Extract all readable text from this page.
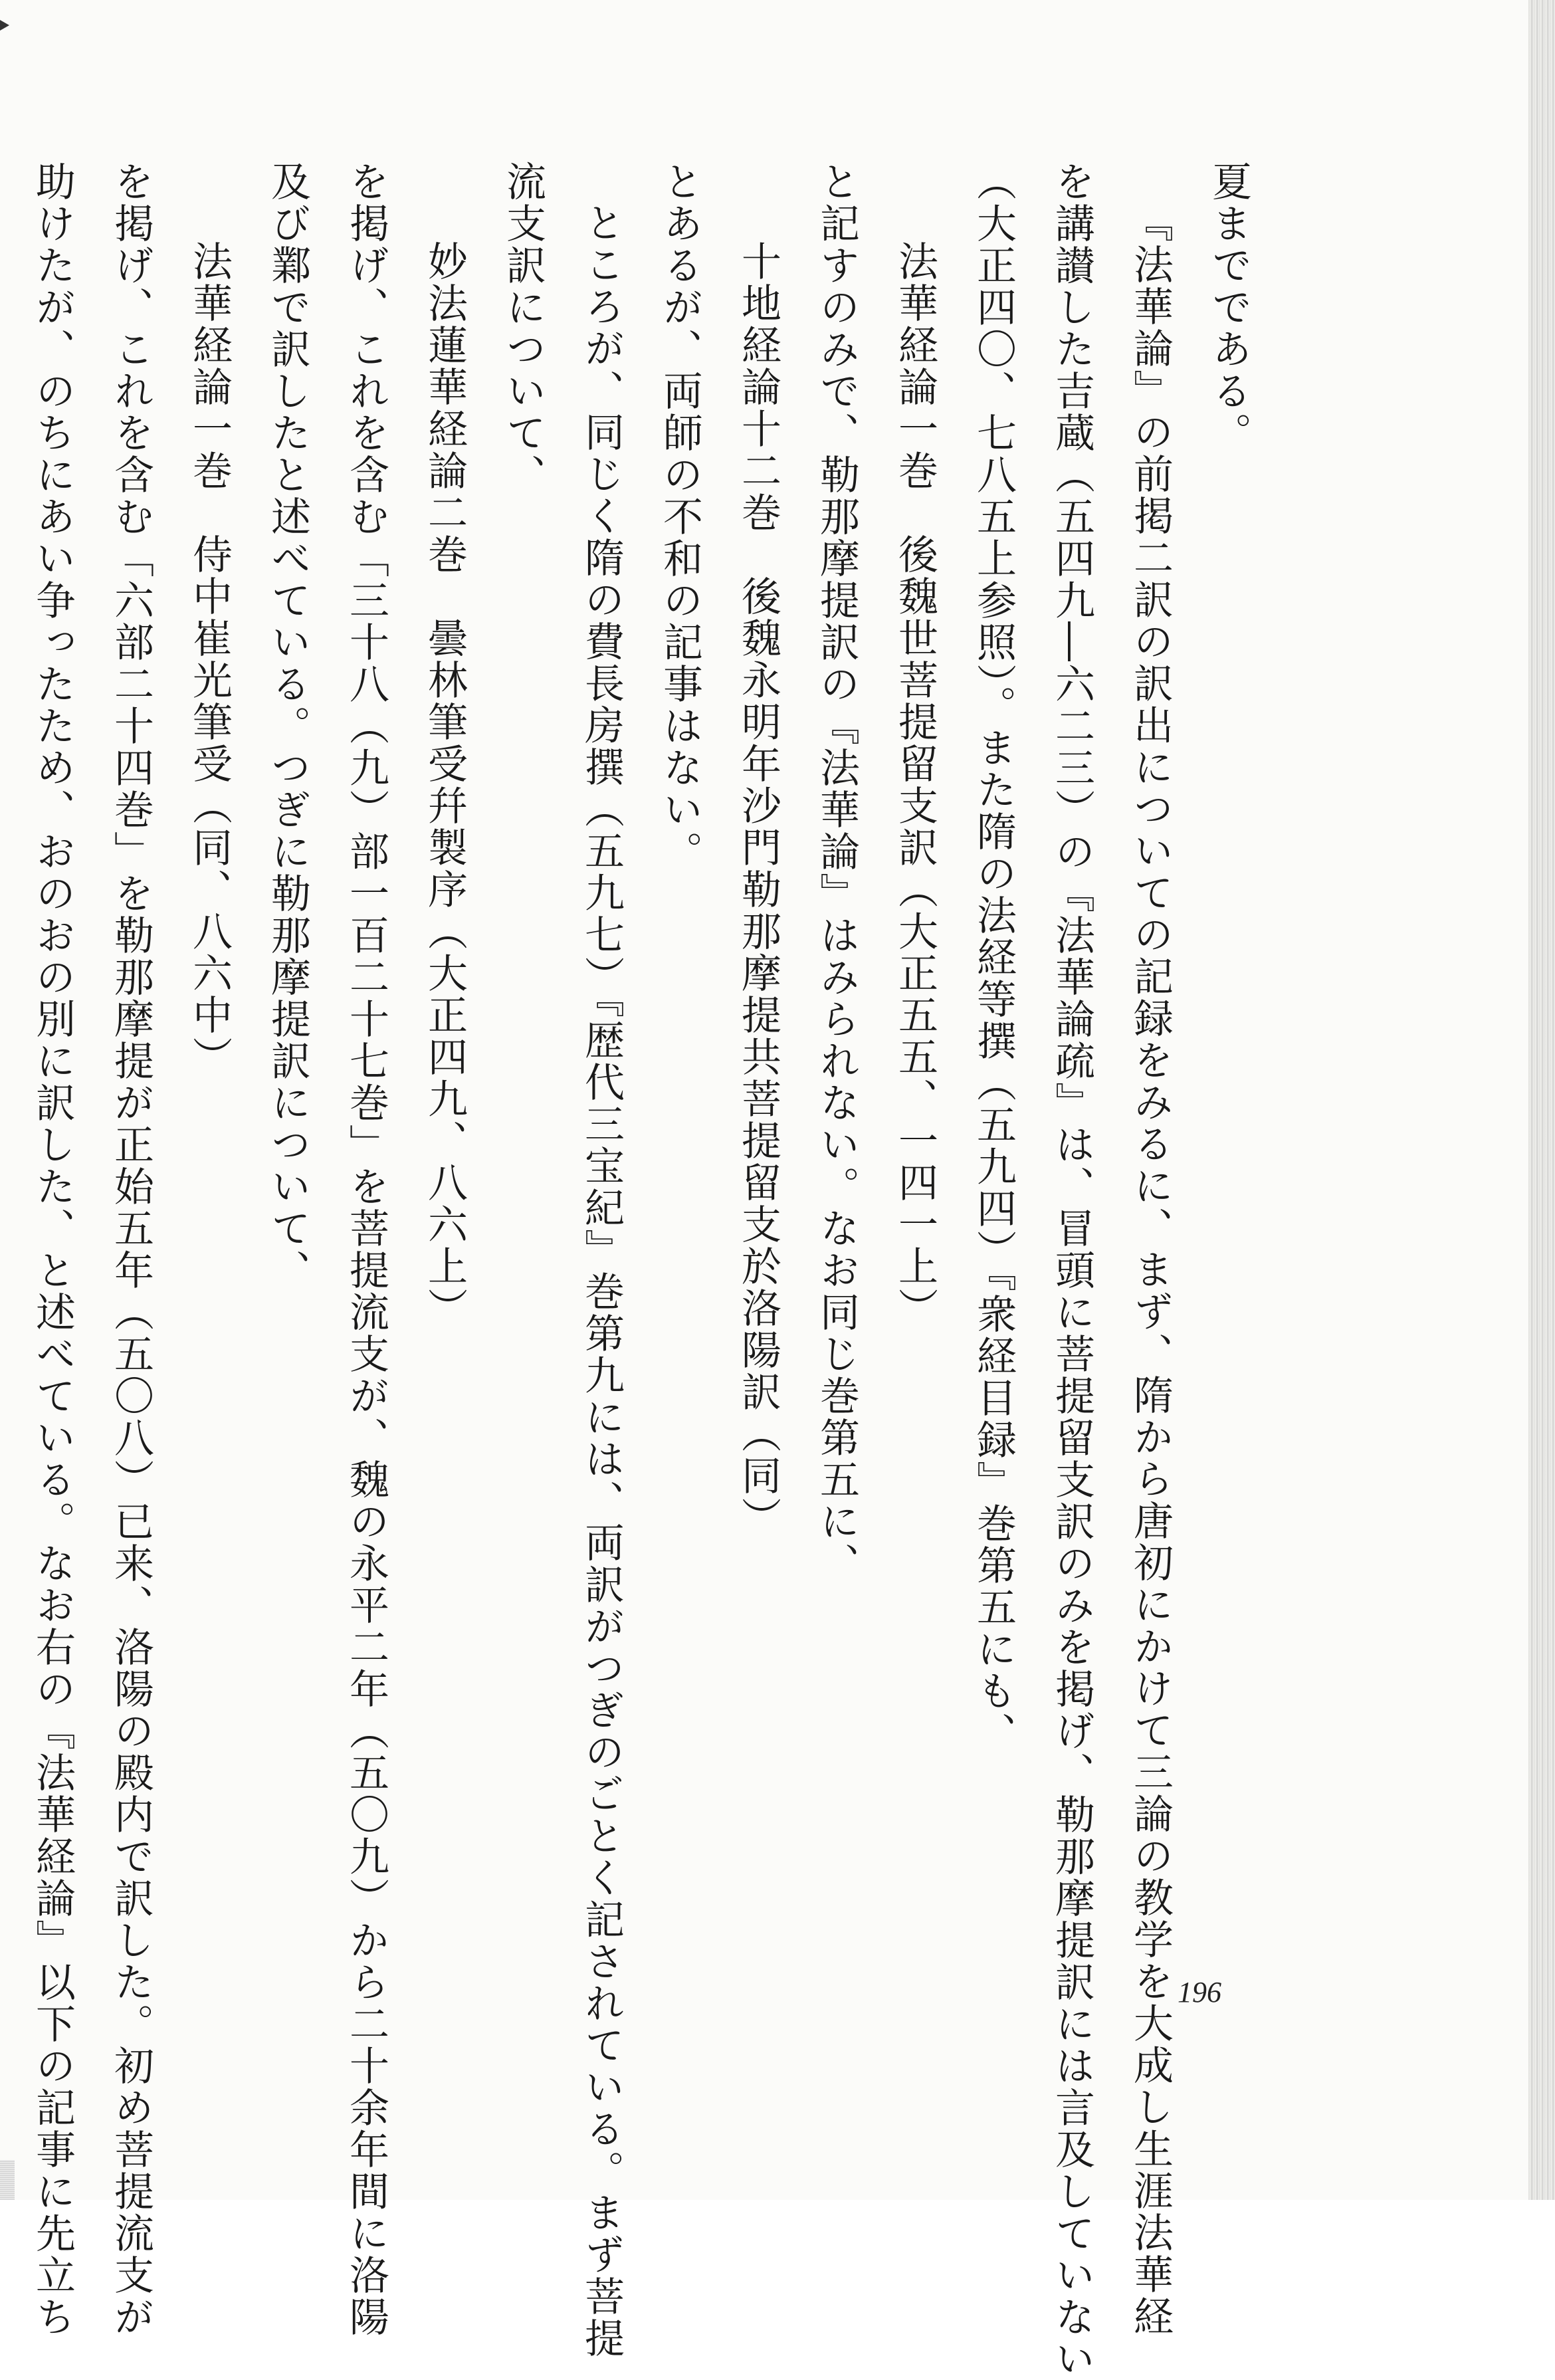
夏までである。
『法華論』の前掲二訳の訳出についての記録をみるに、まず、隋から唐初にかけて三論の教学を大成し生涯法華経
を講讃した吉蔵（五四九―六二三）の『法華論疏』は、冒頭に菩提留支訳のみを掲げ、勒那摩提訳には言及していない
（大正四〇、七八五上参照）。また隋の法経等撰（五九四）『衆経目録』巻第五にも、
法華経論一巻　後魏世菩提留支訳（大正五五、一四一上）
と記すのみで、勒那摩提訳の『法華論』はみられない。なお同じ巻第五に、
十地経論十二巻　後魏永明年沙門勒那摩提共菩提留支於洛陽訳（同）
とあるが、両師の不和の記事はない。
ところが、同じく隋の費長房撰（五九七）『歴代三宝紀』巻第九には、両訳がつぎのごとく記されている。まず菩提
流支訳について、
妙法蓮華経論二巻　曇林筆受幷製序（大正四九、八六上）
を掲げ、これを含む「三十八（九）部一百二十七巻」を菩提流支が、魏の永平二年（五〇九）から二十余年間に洛陽
及び鄴で訳したと述べている。つぎに勒那摩提訳について、
法華経論一巻　侍中崔光筆受（同、八六中）
を掲げ、これを含む「六部二十四巻」を勒那摩提が正始五年（五〇八）已来、洛陽の殿内で訳した。初め菩提流支が
助けたが、のちにあい争ったため、おのおの別に訳した、と述べている。なお右の『法華経論』以下の記事に先立ち	196
